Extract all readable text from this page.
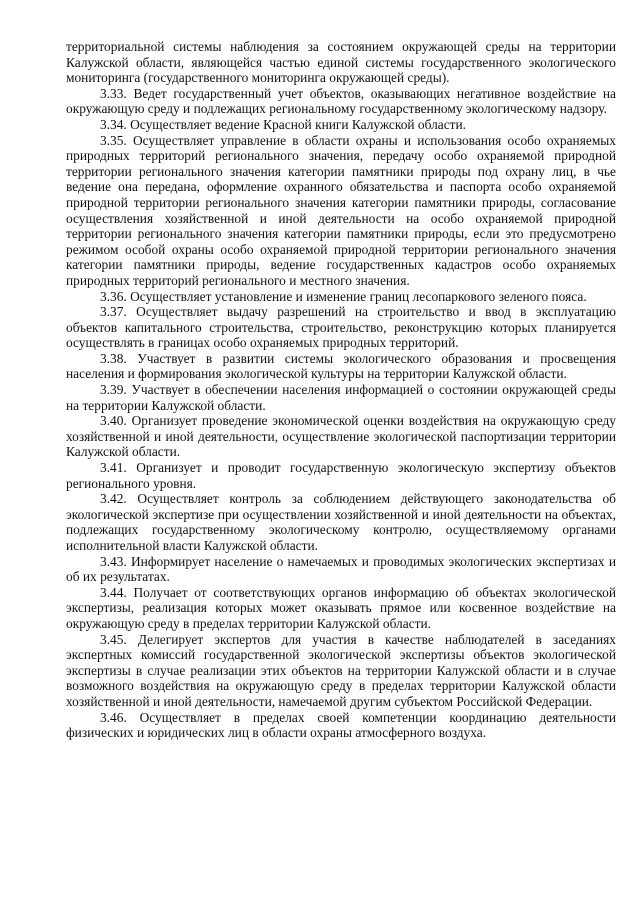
территориальной системы наблюдения за состоянием окружающей среды на территории Калужской области, являющейся частью единой системы государственного экологического мониторинга (государственного мониторинга окружающей среды).

3.33. Ведет государственный учет объектов, оказывающих негативное воздействие на окружающую среду и подлежащих региональному государственному экологическому надзору.

3.34. Осуществляет ведение Красной книги Калужской области.

3.35. Осуществляет управление в области охраны и использования особо охраняемых природных территорий регионального значения, передачу особо охраняемой природной территории регионального значения категории памятники природы под охрану лиц, в чье ведение она передана, оформление охранного обязательства и паспорта особо охраняемой природной территории регионального значения категории памятники природы, согласование осуществления хозяйственной и иной деятельности на особо охраняемой природной территории регионального значения категории памятники природы, если это предусмотрено режимом особой охраны особо охраняемой природной территории регионального значения категории памятники природы, ведение государственных кадастров особо охраняемых природных территорий регионального и местного значения.

3.36. Осуществляет установление и изменение границ лесопаркового зеленого пояса.

3.37. Осуществляет выдачу разрешений на строительство и ввод в эксплуатацию объектов капитального строительства, строительство, реконструкцию которых планируется осуществлять в границах особо охраняемых природных территорий.

3.38. Участвует в развитии системы экологического образования и просвещения населения и формирования экологической культуры на территории Калужской области.

3.39. Участвует в обеспечении населения информацией о состоянии окружающей среды на территории Калужской области.

3.40. Организует проведение экономической оценки воздействия на окружающую среду хозяйственной и иной деятельности, осуществление экологической паспортизации территории Калужской области.

3.41. Организует и проводит государственную экологическую экспертизу объектов регионального уровня.

3.42. Осуществляет контроль за соблюдением действующего законодательства об экологической экспертизе при осуществлении хозяйственной и иной деятельности на объектах, подлежащих государственному экологическому контролю, осуществляемому органами исполнительной власти Калужской области.

3.43. Информирует население о намечаемых и проводимых экологических экспертизах и об их результатах.

3.44. Получает от соответствующих органов информацию об объектах экологической экспертизы, реализация которых может оказывать прямое или косвенное воздействие на окружающую среду в пределах территории Калужской области.

3.45. Делегирует экспертов для участия в качестве наблюдателей в заседаниях экспертных комиссий государственной экологической экспертизы объектов экологической экспертизы в случае реализации этих объектов на территории Калужской области и в случае возможного воздействия на окружающую среду в пределах территории Калужской области хозяйственной и иной деятельности, намечаемой другим субъектом Российской Федерации.

3.46. Осуществляет в пределах своей компетенции координацию деятельности физических и юридических лиц в области охраны атмосферного воздуха.
